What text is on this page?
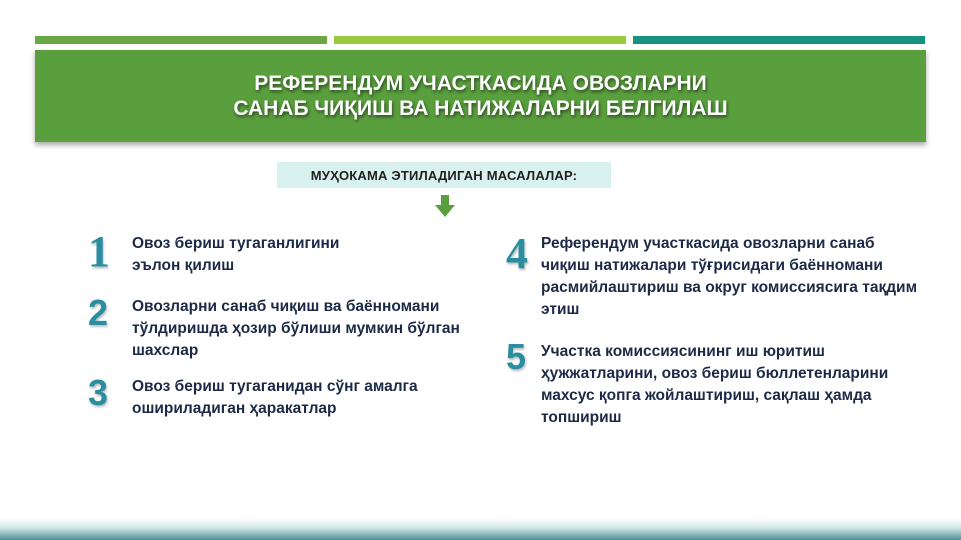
РЕФЕРЕНДУМ УЧАСТКАСИДА ОВОЗЛАРНИ
САНАБ ЧИҚИШ ВА НАТИЖАЛАРНИ БЕЛГИЛАШ
МУҲОКАМА ЭТИЛАДИГАН МАСАЛАЛАР:
1 Овоз бериш тугаганлигини эълон қилиш
2 Овозларни санаб чиқиш ва баённомани тўлдиришда ҳозир бўлиши мумкин бўлган шахслар
3 Овоз бериш тугаганидан сўнг амалга ошириладиган ҳаракатлар
4 Референдум участкасида овозларни санаб чиқиш натижалари тўғрисидаги баённомани расмийлаштириш ва округ комиссиясига тақдим этиш
5 Участка комиссиясининг иш юритиш ҳужжатларини, овоз бериш бюллетенларини махсус қопга жойлаштириш, сақлаш ҳамда топшириш
